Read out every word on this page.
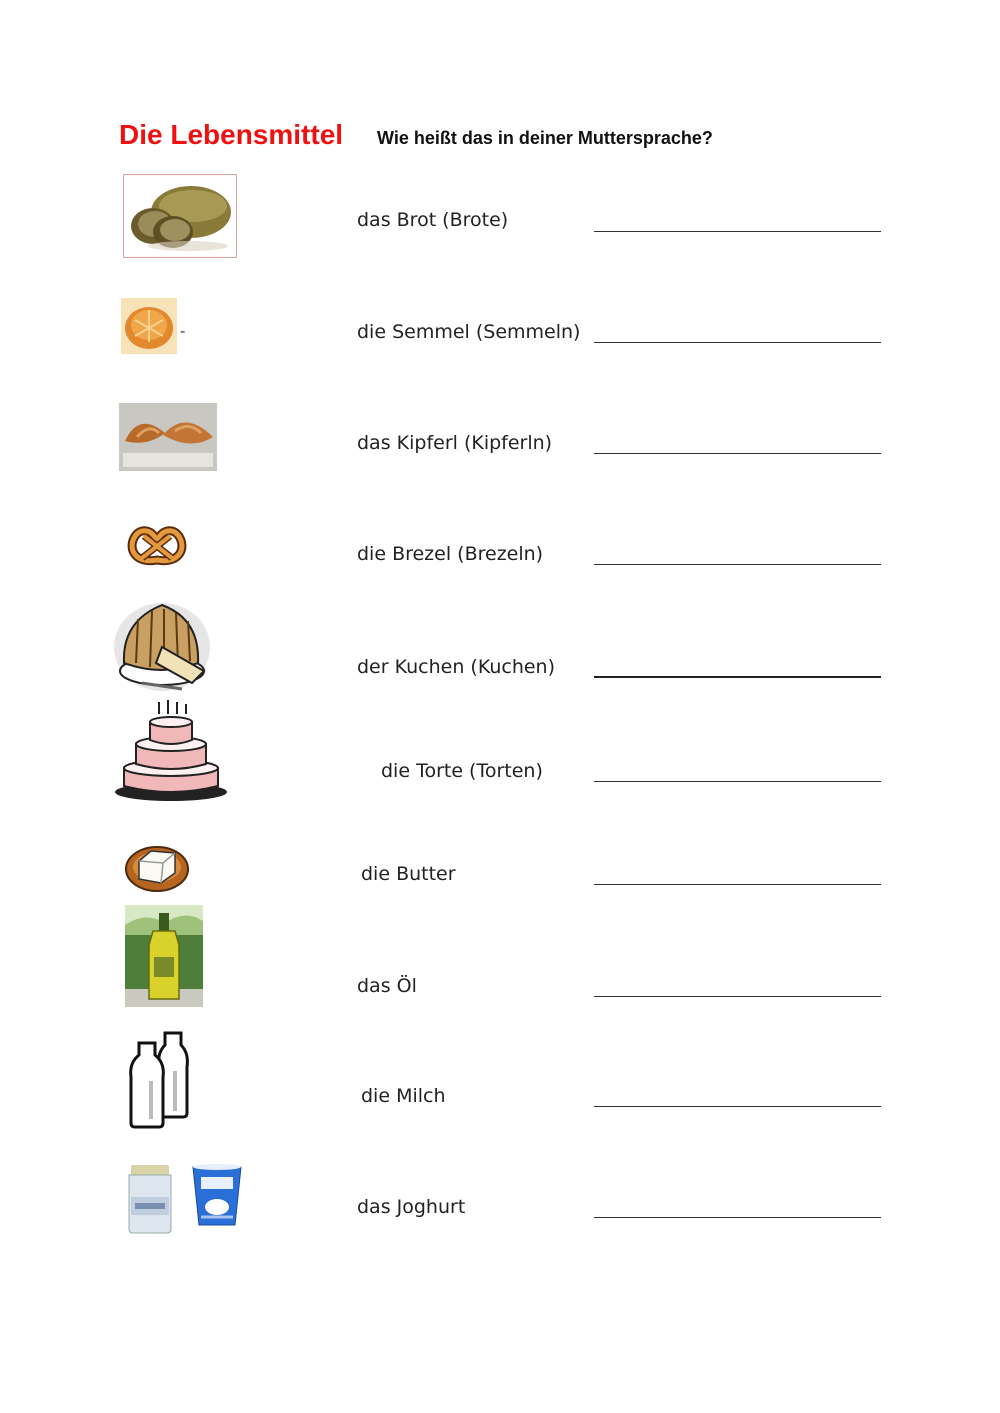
Die Lebensmittel Wie heißt das in deiner Muttersprache?
das Brot (Brote)
-	die Semmel (Semmeln)
das Kipferl (Kipferln)
die Brezel (Brezeln)
der Kuchen (Kuchen)
die Torte (Torten)
die Butter
das Öl
die Milch
das Joghurt
